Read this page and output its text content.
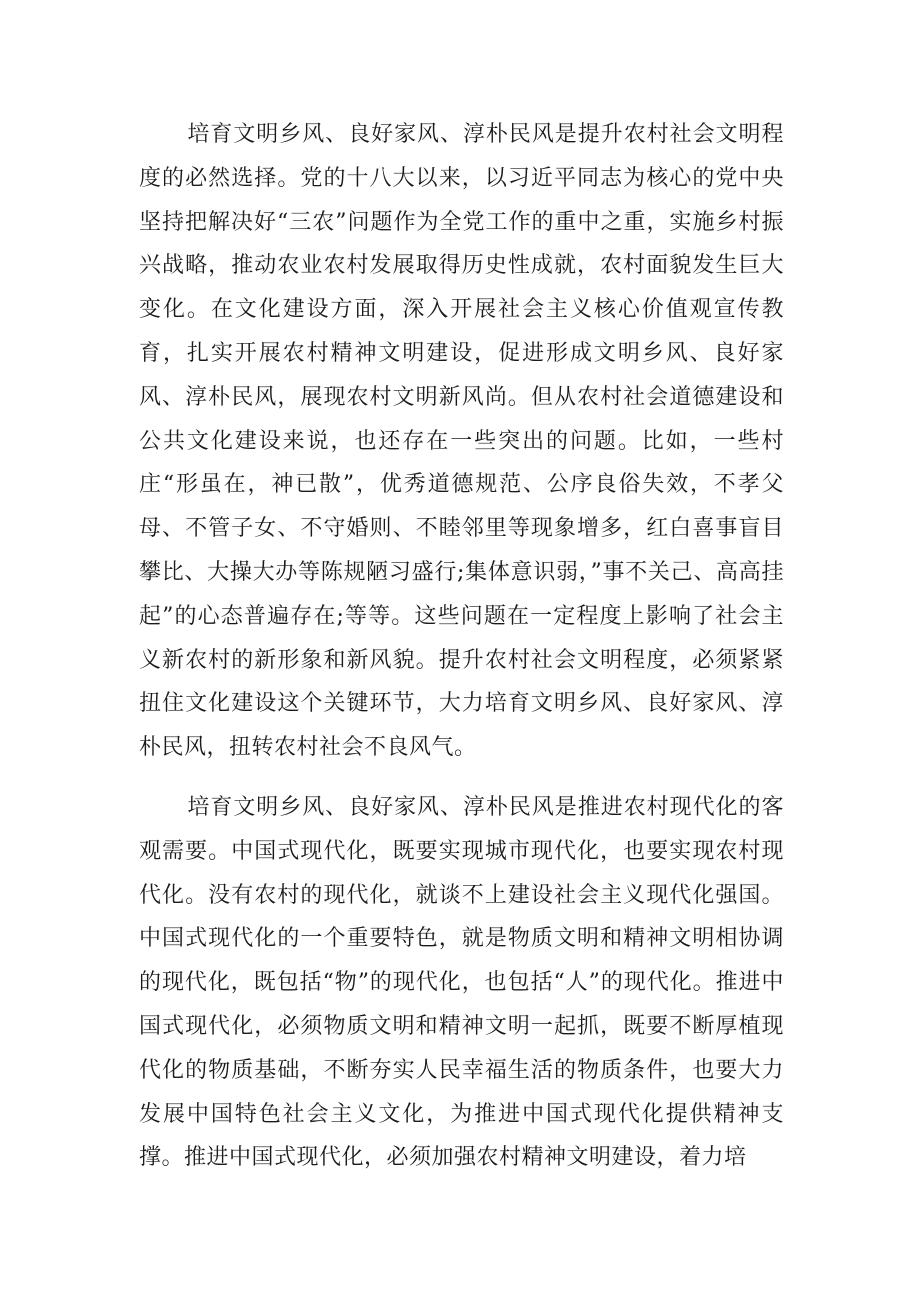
培育文明乡风、良好家风、淳朴民风是提升农村社会文明程度的必然选择。党的十八大以来，以习近平同志为核心的党中央坚持把解决好“三农”问题作为全党工作的重中之重，实施乡村振兴战略，推动农业农村发展取得历史性成就，农村面貌发生巨大变化。在文化建设方面，深入开展社会主义核心价值观宣传教育，扎实开展农村精神文明建设，促进形成文明乡风、良好家风、淳朴民风，展现农村文明新风尚。但从农村社会道德建设和公共文化建设来说，也还存在一些突出的问题。比如，一些村庄“形虽在，神已散”，优秀道德规范、公序良俗失效，不孝父母、不管子女、不守婚则、不睦邻里等现象增多，红白喜事盲目攀比、大操大办等陈规陋习盛行;集体意识弱，”事不关己、高高挂起”的心态普遍存在;等等。这些问题在一定程度上影响了社会主义新农村的新形象和新风貌。提升农村社会文明程度，必须紧紧扭住文化建设这个关键环节，大力培育文明乡风、良好家风、淳朴民风，扭转农村社会不良风气。

培育文明乡风、良好家风、淳朴民风是推进农村现代化的客观需要。中国式现代化，既要实现城市现代化，也要实现农村现代化。没有农村的现代化，就谈不上建设社会主义现代化强国。中国式现代化的一个重要特色，就是物质文明和精神文明相协调的现代化，既包括“物”的现代化，也包括“人”的现代化。推进中国式现代化，必须物质文明和精神文明一起抓，既要不断厚植现代化的物质基础，不断夯实人民幸福生活的物质条件，也要大力发展中国特色社会主义文化，为推进中国式现代化提供精神支撑。推进中国式现代化，必须加强农村精神文明建设，着力培
